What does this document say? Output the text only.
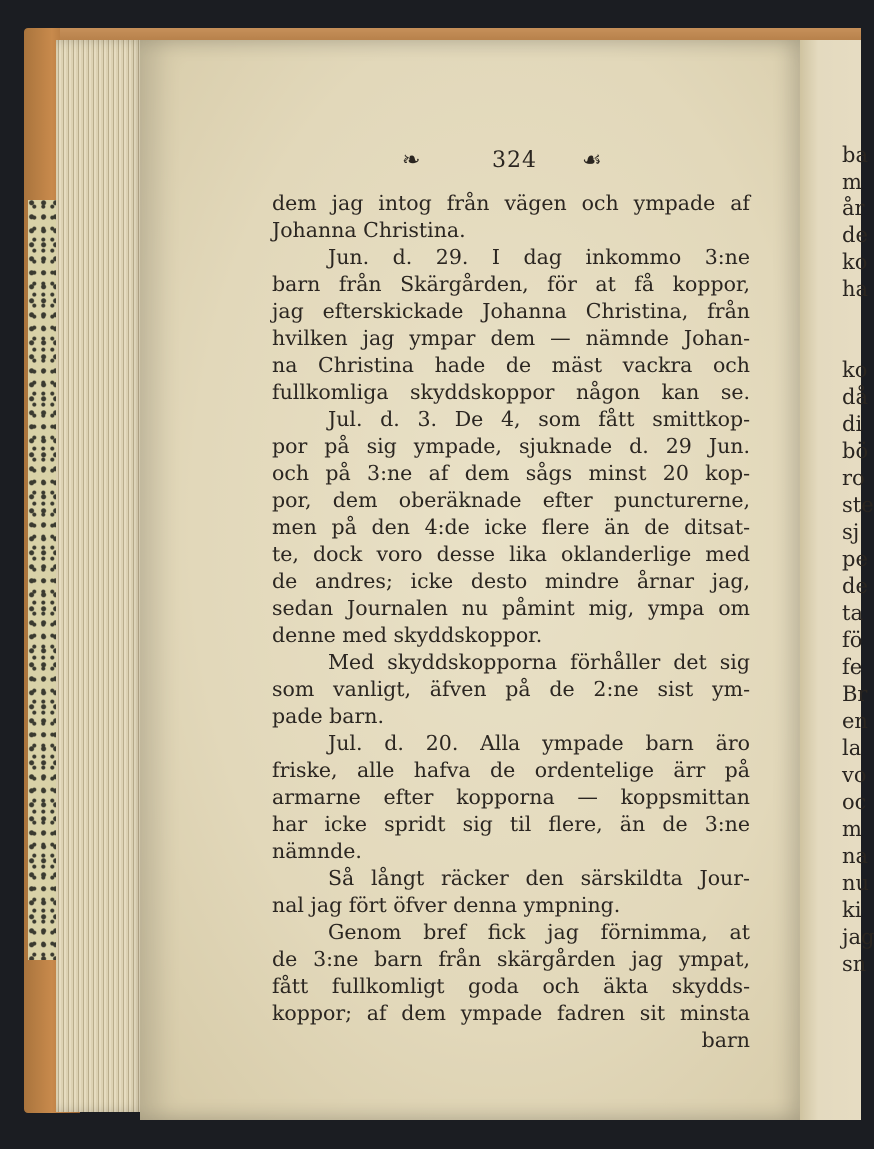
❧	324 ☙
dem jag intog från vägen och ympade af
Johanna Christina.
Jun. d. 29. I dag inkommo 3:ne
barn från Skärgården, för at få koppor,
jag efterskickade Johanna Christina, från
hvilken jag ympar dem — nämnde Johan-
na Christina hade de mäst vackra och
fullkomliga skyddskoppor någon kan se.
Jul. d. 3. De 4, som fått smittkop-
por på sig ympade, sjuknade d. 29 Jun.
och på 3:ne af dem sågs minst 20 kop-
por, dem oberäknade efter puncturerne,
men på den 4:de icke flere än de ditsat-
te, dock voro desse lika oklanderlige med
de andres; icke desto mindre årnar jag,
sedan Journalen nu påmint mig, ympa om
denne med skyddskoppor.
Med skyddskopporna förhåller det sig
som vanligt, äfven på de 2:ne sist ym-
pade barn.
Jul. d. 20. Alla ympade barn äro
friske, alle hafva de ordentelige ärr på
armarne efter kopporna — koppsmittan
har icke spridt sig til flere, än de 3:ne
nämnde.
Så långt räcker den särskildta Jour-
nal jag fört öfver denna ympning.
Genom bref fick jag förnimma, at
de 3:ne barn från skärgården jag ympat,
fått fullkomligt goda och äkta skydds-
koppor; af dem ympade fadren sit minsta
barn
ba
m
år
de
ko
ha
ko
då
di
bö
ro
ste
sj
pe
de
ta
fö
fe
Br
en
la
vo
oc
m
na
nu
ki
jag
sn
